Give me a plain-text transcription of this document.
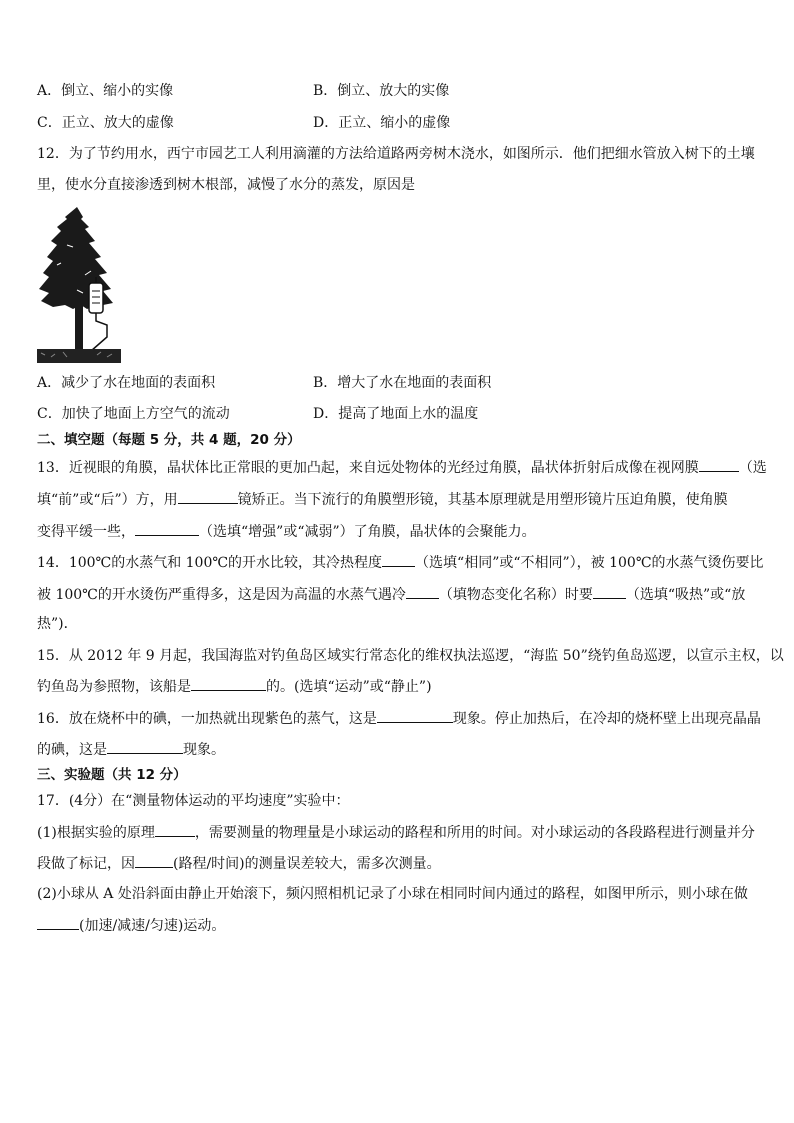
A．倒立、缩小的实像	B．倒立、放大的实像
C．正立、放大的虚像	D．正立、缩小的虚像
12．为了节约用水，西宁市园艺工人利用滴灌的方法给道路两旁树木浇水，如图所示．他们把细水管放入树下的土壤
里，使水分直接渗透到树木根部，减慢了水分的蒸发，原因是
A．减少了水在地面的表面积	B．增大了水在地面的表面积
C．加快了地面上方空气的流动	D．提高了地面上水的温度
二、填空题（每题 5 分，共 4 题，20 分）
13．近视眼的角膜，晶状体比正常眼的更加凸起，来自远处物体的光经过角膜，晶状体折射后成像在视网膜	（选
填“前”或“后”）方，用	镜矫正。当下流行的角膜塑形镜，其基本原理就是用塑形镜片压迫角膜，使角膜
变得平缓一些，	（选填“增强”或“减弱”）了角膜，晶状体的会聚能力。
14．100℃的水蒸气和 100℃的开水比较，其冷热程度 （选填“相同”或“不相同”），被 100℃的水蒸气烫伤要比
被 100℃的开水烫伤严重得多，这是因为高温的水蒸气遇冷 （填物态变化名称）时要 （选填“吸热”或“放
热”)．
15．从 2012 年 9 月起，我国海监对钓鱼岛区域实行常态化的维权执法巡逻，“海监 50”绕钓鱼岛巡逻，以宣示主权，以
钓鱼岛为参照物，该船是	的。(选填“运动”或“静止”)
16．放在烧杯中的碘，一加热就出现紫色的蒸气，这是	现象。停止加热后，在冷却的烧杯壁上出现亮晶晶
的碘，这是	现象。
三、实验题（共 12 分）
17．(4分）在“测量物体运动的平均速度”实验中：
(1)根据实验的原理	，需要测量的物理量是小球运动的路程和所用的时间。对小球运动的各段路程进行测量并分
段做了标记，因	(路程/时间)的测量误差较大，需多次测量。
(2)小球从 A 处沿斜面由静止开始滚下，频闪照相机记录了小球在相同时间内通过的路程，如图甲所示，则小球在做
(加速/减速/匀速)运动。
